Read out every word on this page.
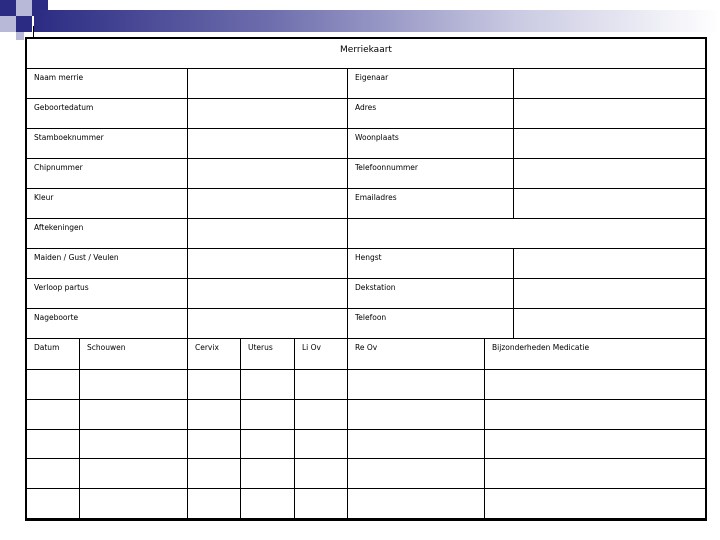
Merriekaart
Naam merrie	Eigenaar
Geboortedatum	Adres
Stamboeknummer	Woonplaats
Chipnummer	Telefoonnummer
Kleur	Emailadres
Aftekeningen
Maiden / Gust / Veulen	Hengst
Verloop partus	Dekstation
Nageboorte	Telefoon
Datum	Schouwen	Cervix	Uterus	Li Ov	Re Ov	Bijzonderheden Medicatie
